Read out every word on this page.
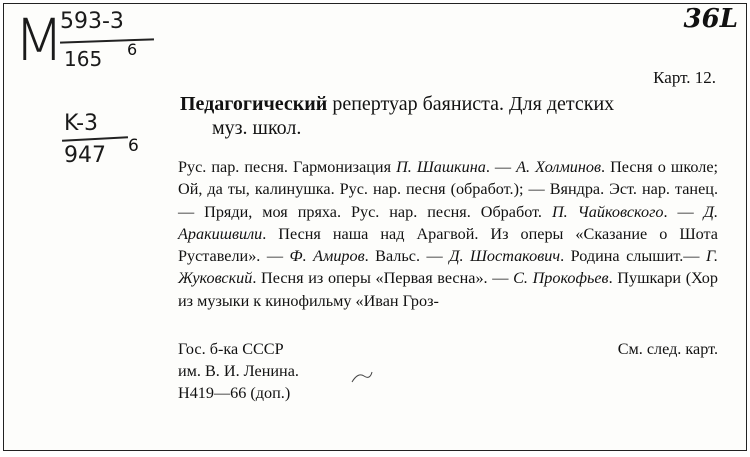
M 593-3
165 6
K-3
947 6
36L
Карт. 12.
Педагогический репертуар баяниста. Для детских
муз. школ.

Рус. пар. песня. Гармонизация П. Шашкина. — А. Холминов. Песня о школе; Ой, да ты, калинушка. Рус. нар. песня (обработ.); — Вяндра. Эст. нар. танец. — Пряди, моя пряха. Рус. нар. песня. Обработ. П. Чайковского. — Д. Аракишвили. Песня наша над Арагвой. Из оперы «Сказание о Шота Руставели». — Ф. Амиров. Вальс. — Д. Шостакович. Родина слышит.— Г. Жуковский. Песня из оперы «Первая весна». — С. Прокофьев. Пушкари (Хор из музыки к кинофильму «Иван Гроз-

Гос. б-ка СССР	См. след. карт.
им. В. И. Ленина.
Н419—66 (доп.)
